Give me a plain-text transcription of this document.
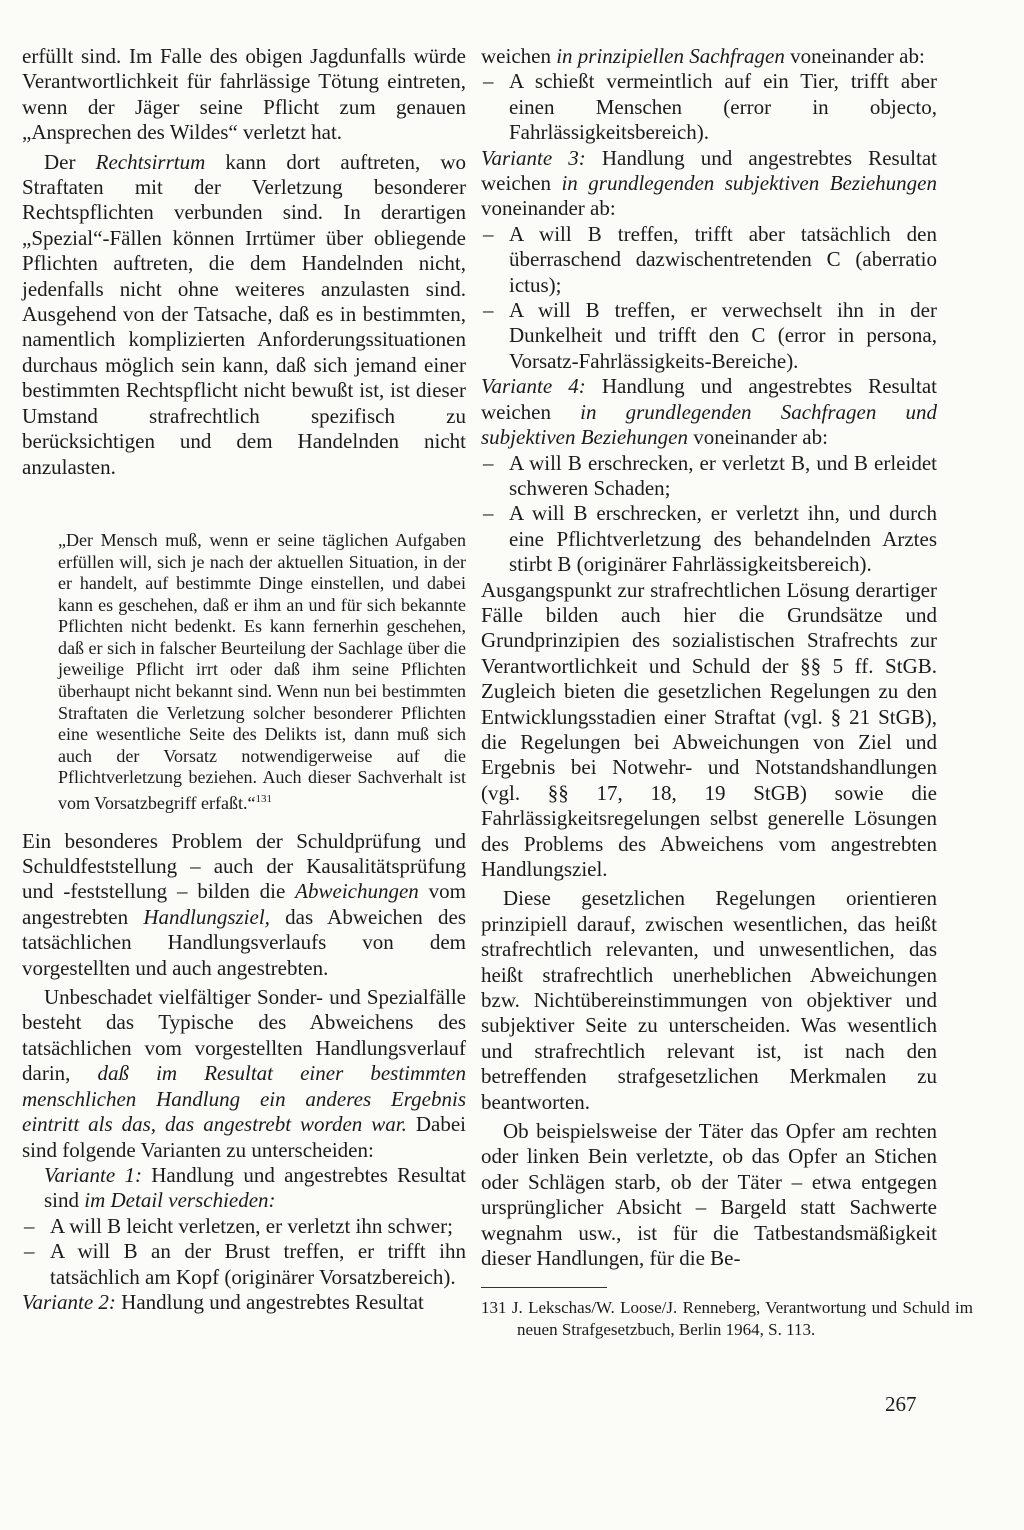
erfüllt sind. Im Falle des obigen Jagdunfalls würde Verantwortlichkeit für fahrlässige Tötung eintreten, wenn der Jäger seine Pflicht zum genauen „Ansprechen des Wildes“ verletzt hat.

Der Rechtsirrtum kann dort auftreten, wo Straftaten mit der Verletzung besonderer Rechtspflichten verbunden sind. In derartigen „Spezial“-Fällen können Irrtümer über obliegende Pflichten auftreten, die dem Handelnden nicht, jedenfalls nicht ohne weiteres anzulasten sind. Ausgehend von der Tatsache, daß es in bestimmten, namentlich komplizierten Anforderungssituationen durchaus möglich sein kann, daß sich jemand einer bestimmten Rechtspflicht nicht bewußt ist, ist dieser Umstand strafrechtlich spezifisch zu berücksichtigen und dem Handelnden nicht anzulasten.

„Der Mensch muß, wenn er seine täglichen Aufgaben erfüllen will, sich je nach der aktuellen Situation, in der er handelt, auf bestimmte Dinge einstellen, und dabei kann es geschehen, daß er ihm an und für sich bekannte Pflichten nicht bedenkt. Es kann fernerhin geschehen, daß er sich in falscher Beurteilung der Sachlage über die jeweilige Pflicht irrt oder daß ihm seine Pflichten überhaupt nicht bekannt sind. Wenn nun bei bestimmten Straftaten die Verletzung solcher besonderer Pflichten eine wesentliche Seite des Delikts ist, dann muß sich auch der Vorsatz notwendigerweise auf die Pflichtverletzung beziehen. Auch dieser Sachverhalt ist vom Vorsatzbegriff erfaßt.“$^{131}$

Ein besonderes Problem der Schuldprüfung und Schuldfeststellung – auch der Kausalitätsprüfung und -feststellung – bilden die Abweichungen vom angestrebten Handlungsziel, das Abweichen des tatsächlichen Handlungsverlaufs von dem vorgestellten und auch angestrebten.

Unbeschadet vielfältiger Sonder- und Spezialfälle besteht das Typische des Abweichens des tatsächlichen vom vorgestellten Handlungsverlauf darin, daß im Resultat einer bestimmten menschlichen Handlung ein anderes Ergebnis eintritt als das, das angestrebt worden war. Dabei sind folgende Varianten zu unterscheiden:

Variante 1: Handlung und angestrebtes Resultat sind im Detail verschieden:

– A will B leicht verletzen, er verletzt ihn schwer;
– A will B an der Brust treffen, er trifft ihn tatsächlich am Kopf (originärer Vorsatzbereich).

Variante 2: Handlung und angestrebtes Resultat

weichen in prinzipiellen Sachfragen voneinander ab:

– A schießt vermeintlich auf ein Tier, trifft aber einen Menschen (error in objecto, Fahrlässigkeitsbereich).

Variante 3: Handlung und angestrebtes Resultat weichen in grundlegenden subjektiven Beziehungen voneinander ab:

– A will B treffen, trifft aber tatsächlich den überraschend dazwischentretenden C (aberratio ictus);
– A will B treffen, er verwechselt ihn in der Dunkelheit und trifft den C (error in persona, Vorsatz-Fahrlässigkeits-Bereiche).

Variante 4: Handlung und angestrebtes Resultat weichen in grundlegenden Sachfragen und subjektiven Beziehungen voneinander ab:

– A will B erschrecken, er verletzt B, und B erleidet schweren Schaden;
– A will B erschrecken, er verletzt ihn, und durch eine Pflichtverletzung des behandelnden Arztes stirbt B (originärer Fahrlässigkeitsbereich).

Ausgangspunkt zur strafrechtlichen Lösung derartiger Fälle bilden auch hier die Grundsätze und Grundprinzipien des sozialistischen Strafrechts zur Verantwortlichkeit und Schuld der §§ 5 ff. StGB. Zugleich bieten die gesetzlichen Regelungen zu den Entwicklungsstadien einer Straftat (vgl. § 21 StGB), die Regelungen bei Abweichungen von Ziel und Ergebnis bei Notwehr- und Notstandshandlungen (vgl. §§ 17, 18, 19 StGB) sowie die Fahrlässigkeitsregelungen selbst generelle Lösungen des Problems des Abweichens vom angestrebten Handlungsziel.

Diese gesetzlichen Regelungen orientieren prinzipiell darauf, zwischen wesentlichen, das heißt strafrechtlich relevanten, und unwesentlichen, das heißt strafrechtlich unerheblichen Abweichungen bzw. Nichtübereinstimmungen von objektiver und subjektiver Seite zu unterscheiden. Was wesentlich und strafrechtlich relevant ist, ist nach den betreffenden strafgesetzlichen Merkmalen zu beantworten.

Ob beispielsweise der Täter das Opfer am rechten oder linken Bein verletzte, ob das Opfer an Stichen oder Schlägen starb, ob der Täter – etwa entgegen ursprünglicher Absicht – Bargeld statt Sachwerte wegnahm usw., ist für die Tatbestandsmäßigkeit dieser Handlungen, für die Be-

131 J. Lekschas/W. Loose/J. Renneberg, Verantwortung und Schuld im neuen Strafgesetzbuch, Berlin 1964, S. 113.

267
